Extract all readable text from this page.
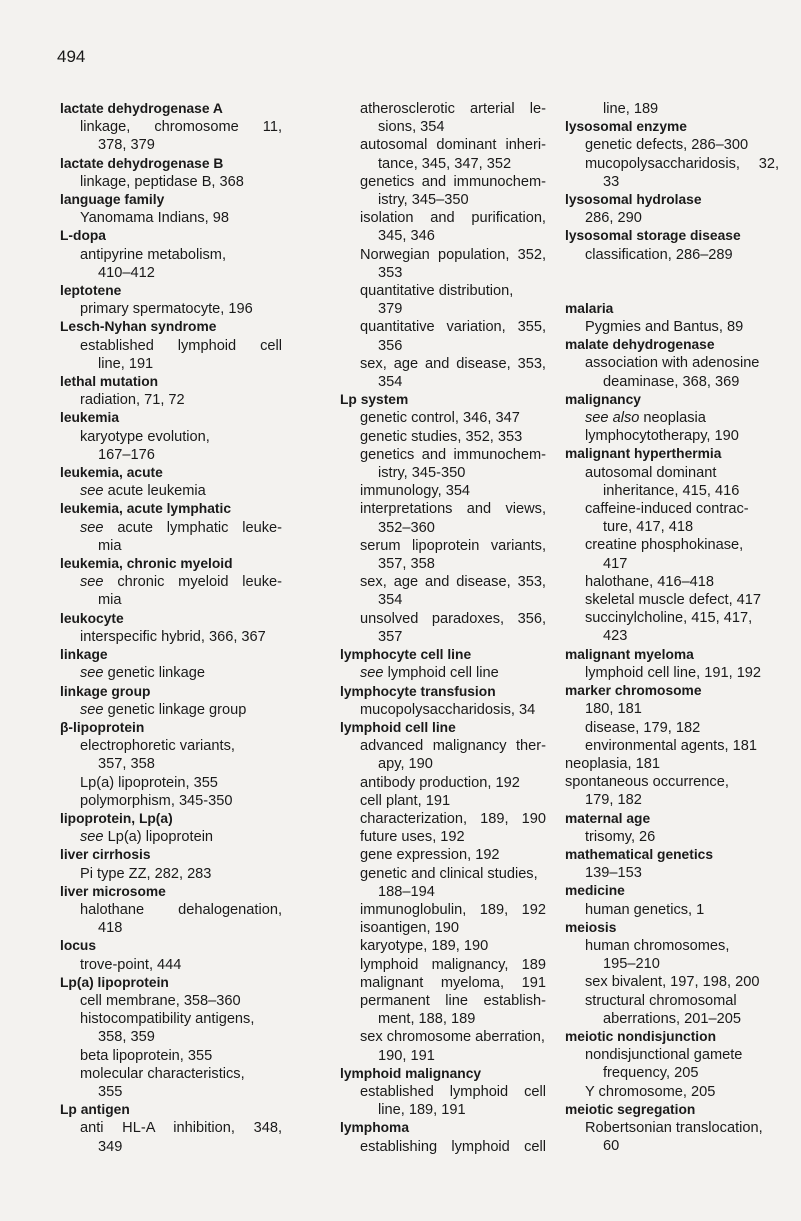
494
lactate dehydrogenase A
linkage, chromosome 11,
378, 379
lactate dehydrogenase B
linkage, peptidase B, 368
language family
Yanomama Indians, 98
L-dopa
antipyrine metabolism,
410–412
leptotene
primary spermatocyte, 196
Lesch-Nyhan syndrome
established lymphoid cell
line, 191
lethal mutation
radiation, 71, 72
leukemia
karyotype evolution,
167–176
leukemia, acute
see acute leukemia
leukemia, acute lymphatic
see acute lymphatic leuke-
mia
leukemia, chronic myeloid
see chronic myeloid leuke-
mia
leukocyte
interspecific hybrid, 366, 367
linkage
see genetic linkage
linkage group
see genetic linkage group
β-lipoprotein
electrophoretic variants,
357, 358
Lp(a) lipoprotein, 355
polymorphism, 345-350
lipoprotein, Lp(a)
see Lp(a) lipoprotein
liver cirrhosis
Pi type ZZ, 282, 283
liver microsome
halothane dehalogenation,
418
locus
trove-point, 444
Lp(a) lipoprotein
cell membrane, 358–360
histocompatibility antigens,
358, 359
beta lipoprotein, 355
molecular characteristics,
355
Lp antigen
anti HL-A inhibition, 348,
349
atherosclerotic arterial le-
sions, 354
autosomal dominant inheri-
tance, 345, 347, 352
genetics and immunochem-
istry, 345–350
isolation and purification,
345, 346
Norwegian population, 352,
353
quantitative distribution,
379
quantitative variation, 355,
356
sex, age and disease, 353,
354
Lp system
genetic control, 346, 347
genetic studies, 352, 353
genetics and immunochem-
istry, 345-350
immunology, 354
interpretations and views,
352–360
serum lipoprotein variants,
357, 358
sex, age and disease, 353,
354
unsolved paradoxes, 356,
357
lymphocyte cell line
see lymphoid cell line
lymphocyte transfusion
mucopolysaccharidosis, 34
lymphoid cell line
advanced malignancy ther-
apy, 190
antibody production, 192
cell plant, 191
characterization, 189, 190
future uses, 192
gene expression, 192
genetic and clinical studies,
188–194
immunoglobulin, 189, 192
isoantigen, 190
karyotype, 189, 190
lymphoid malignancy, 189
malignant myeloma, 191
permanent line establish-
ment, 188, 189
sex chromosome aberration,
190, 191
lymphoid malignancy
established lymphoid cell
line, 189, 191
lymphoma
establishing lymphoid cell
line, 189
lysosomal enzyme
genetic defects, 286–300
mucopolysaccharidosis, 32,
33
lysosomal hydrolase
286, 290
lysosomal storage disease
classification, 286–289
malaria
Pygmies and Bantus, 89
malate dehydrogenase
association with adenosine
deaminase, 368, 369
malignancy
see also neoplasia
lymphocytotherapy, 190
malignant hyperthermia
autosomal dominant
inheritance, 415, 416
caffeine-induced contrac-
ture, 417, 418
creatine phosphokinase,
417
halothane, 416–418
skeletal muscle defect, 417
succinylcholine, 415, 417,
423
malignant myeloma
lymphoid cell line, 191, 192
marker chromosome
180, 181
disease, 179, 182
environmental agents, 181
neoplasia, 181
spontaneous occurrence,
179, 182
maternal age
trisomy, 26
mathematical genetics
139–153
medicine
human genetics, 1
meiosis
human chromosomes,
195–210
sex bivalent, 197, 198, 200
structural chromosomal
aberrations, 201–205
meiotic nondisjunction
nondisjunctional gamete
frequency, 205
Y chromosome, 205
meiotic segregation
Robertsonian translocation,
60
